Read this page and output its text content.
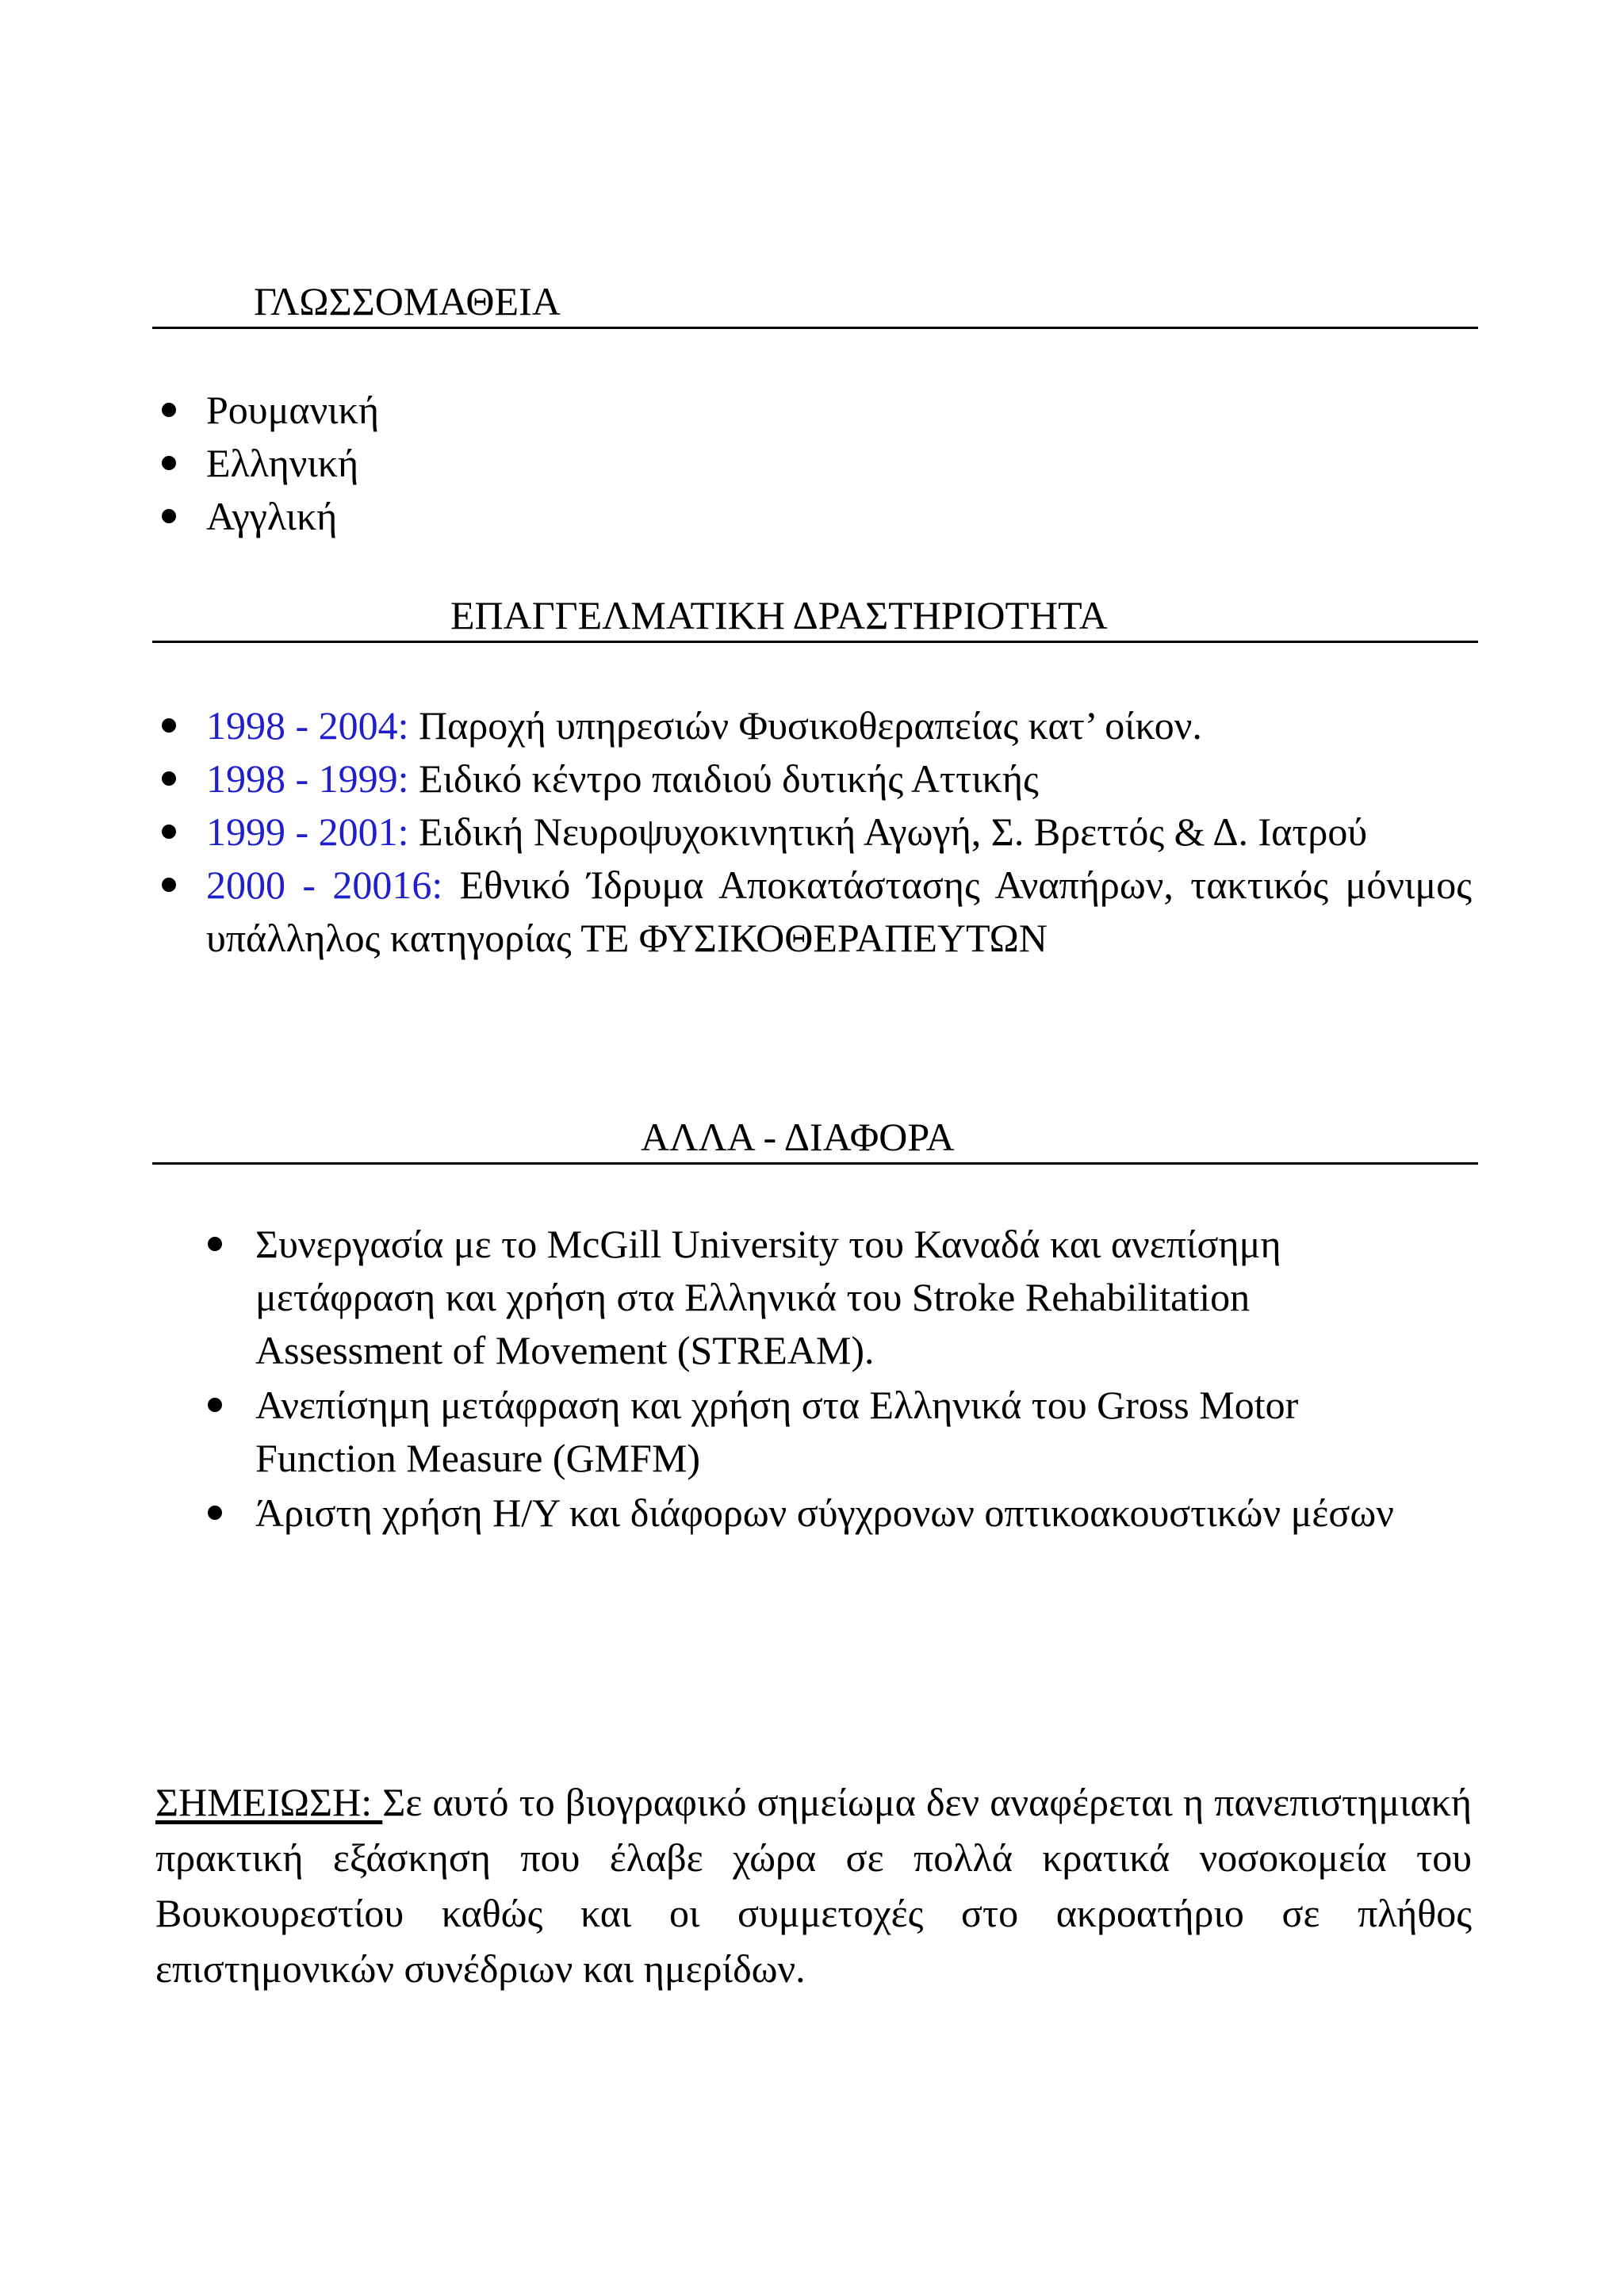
ΓΛΩΣΣΟΜΑΘΕΙΑ
Ρουμανική
Ελληνική
Αγγλική
ΕΠΑΓΓΕΛΜΑΤΙΚΗ ΔΡΑΣΤΗΡΙΟΤΗΤΑ
1998 - 2004: Παροχή υπηρεσιών Φυσικοθεραπείας κατ’ οίκον.
1998 - 1999: Ειδικό κέντρο παιδιού δυτικής Αττικής
1999 - 2001: Ειδική Νευροψυχοκινητική Αγωγή, Σ. Βρεττός & Δ. Ιατρού
2000 - 20016: Εθνικό Ίδρυμα Αποκατάστασης Αναπήρων, τακτικός μόνιμος υπάλληλος κατηγορίας ΤΕ ΦΥΣΙΚΟΘΕΡΑΠΕΥΤΩΝ
ΑΛΛΑ - ΔΙΑΦΟΡΑ
Συνεργασία με το McGill University του Καναδά και ανεπίσημη μετάφραση και χρήση στα Ελληνικά του Stroke Rehabilitation Assessment of Movement (STREAM).
Ανεπίσημη μετάφραση και χρήση στα Ελληνικά του Gross Motor Function Measure (GMFM)
Άριστη χρήση Η/Υ και διάφορων σύγχρονων οπτικοακουστικών μέσων
ΣΗΜΕΙΩΣΗ: Σε αυτό το βιογραφικό σημείωμα δεν αναφέρεται η πανεπιστημιακή πρακτική εξάσκηση που έλαβε χώρα σε πολλά κρατικά νοσοκομεία του Βουκουρεστίου καθώς και οι συμμετοχές στο ακροατήριο σε πλήθος επιστημονικών συνέδριων και ημερίδων.
